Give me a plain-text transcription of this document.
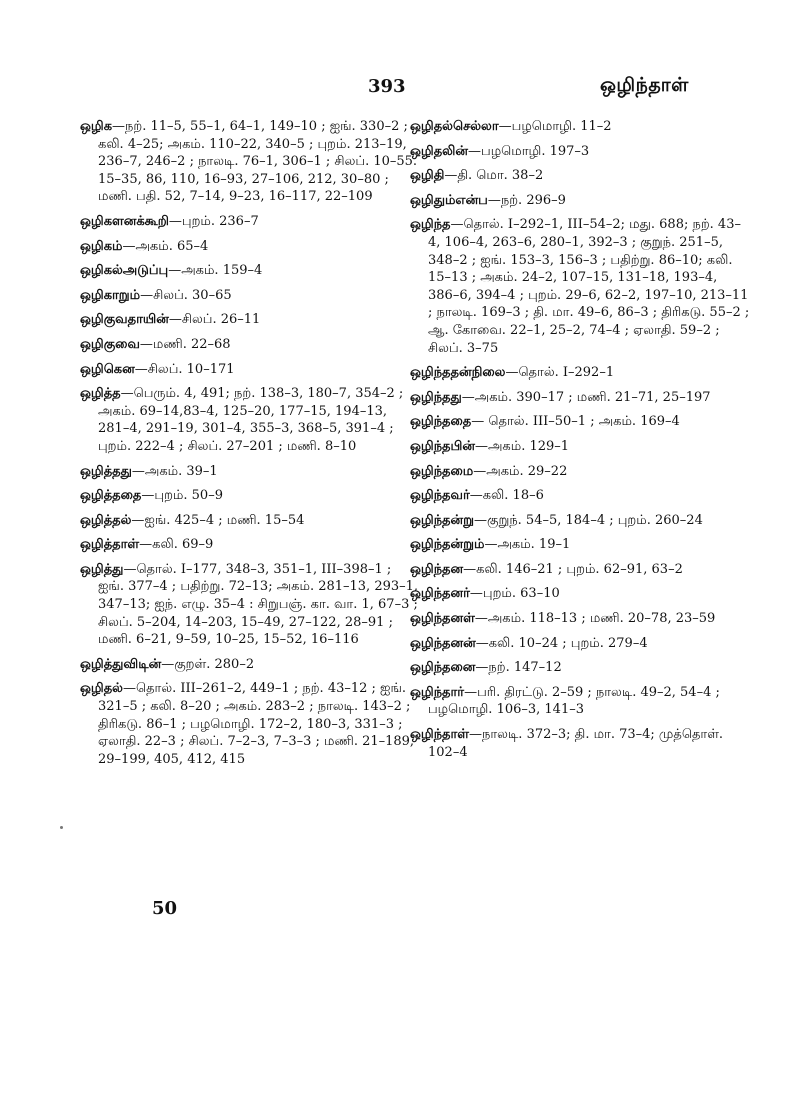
393	ஒழிந்தாள்
ஒழிக—நற். 11–5, 55–1, 64–1, 149–10 ; ஐங். 330–2 ; கலி. 4–25; அகம். 110–22, 340–5 ; புறம். 213–19, 236–7, 246–2 ; நாலடி. 76–1, 306–1 ; சிலப். 10–55. 15–35, 86, 110, 16–93, 27–106, 212, 30–80 ; மணி. பதி. 52, 7–14, 9–23, 16–117, 22–109
ஒழிகளனக்கூறி—புறம். 236–7
ஒழிகம்—அகம். 65–4
ஒழிகல்அடுப்பு—அகம். 159–4
ஒழிகாறும்—சிலப். 30–65
ஒழிகுவதாயின்—சிலப். 26–11
ஒழிகுவை—மணி. 22–68
ஒழிகென—சிலப். 10–171
ஒழித்த—பெரும். 4, 491; நற். 138–3, 180–7, 354–2 ; அகம். 69–14,83–4, 125–20, 177–15, 194–13, 281–4, 291–19, 301–4, 355–3, 368–5, 391–4 ; புறம். 222–4 ; சிலப். 27–201 ; மணி. 8–10
ஒழித்தது—அகம். 39–1
ஒழித்ததை—புறம். 50–9
ஒழித்தல்—ஐங். 425–4 ; மணி. 15–54
ஒழித்தாள்—கலி. 69–9
ஒழித்து—தொல். I–177, 348–3, 351–1, III–398–1 ; ஐங். 377–4 ; பதிற்று. 72–13; அகம். 281–13, 293–1, 347–13; ஐந். எழு. 35–4 : சிறுபஞ். கா. வா. 1, 67–3 ; சிலப். 5–204, 14–203, 15–49, 27–122, 28–91 ; மணி. 6–21, 9–59, 10–25, 15–52, 16–116
ஒழித்துவிடின்—குறள். 280–2
ஒழிதல்—தொல். III–261–2, 449–1 ; நற். 43–12 ; ஐங். 321–5 ; கலி. 8–20 ; அகம். 283–2 ; நாலடி. 143–2 ; திரிகடு. 86–1 ; பழமொழி. 172–2, 180–3, 331–3 ; ஏலாதி. 22–3 ; சிலப். 7–2–3, 7–3–3 ; மணி. 21–189, 29–199, 405, 412, 415
ஒழிதல்செல்லா—பழமொழி. 11–2
ஒழிதலின்—பழமொழி. 197–3
ஒழிதி—தி. மொ. 38–2
ஒழிதும்என்ப—நற். 296–9
ஒழிந்த—தொல். I–292–1, III–54–2; மது. 688; நற். 43–4, 106–4, 263–6, 280–1, 392–3 ; குறுந். 251–5, 348–2 ; ஐங். 153–3, 156–3 ; பதிற்று. 86–10; கலி. 15–13 ; அகம். 24–2, 107–15, 131–18, 193–4, 386–6, 394–4 ; புறம். 29–6, 62–2, 197–10, 213–11 ; நாலடி. 169–3 ; தி. மா. 49–6, 86–3 ; திரிகடு. 55–2 ; ஆ. கோவை. 22–1, 25–2, 74–4 ; ஏலாதி. 59–2 ; சிலப். 3–75
ஒழிந்ததன்நிலை—தொல். I–292–1
ஒழிந்தது—அகம். 390–17 ; மணி. 21–71, 25–197
ஒழிந்ததை— தொல். III–50–1 ; அகம். 169–4
ஒழிந்தபின்—அகம். 129–1
ஒழிந்தமை—அகம். 29–22
ஒழிந்தவர்—கலி. 18–6
ஒழிந்தன்று—குறுந். 54–5, 184–4 ; புறம். 260–24
ஒழிந்தன்றும்—அகம். 19–1
ஒழிந்தன—கலி. 146–21 ; புறம். 62–91, 63–2
ஒழிந்தனர்—புறம். 63–10
ஒழிந்தனள்—அகம். 118–13 ; மணி. 20–78, 23–59
ஒழிந்தனன்—கலி. 10–24 ; புறம். 279–4
ஒழிந்தனை—நற். 147–12
ஒழிந்தார்—பரி. திரட்டு. 2–59 ; நாலடி. 49–2, 54–4 ; பழமொழி. 106–3, 141–3
ஒழிந்தாள்—நாலடி. 372–3; தி. மா. 73–4; முத்தொள். 102–4
50
